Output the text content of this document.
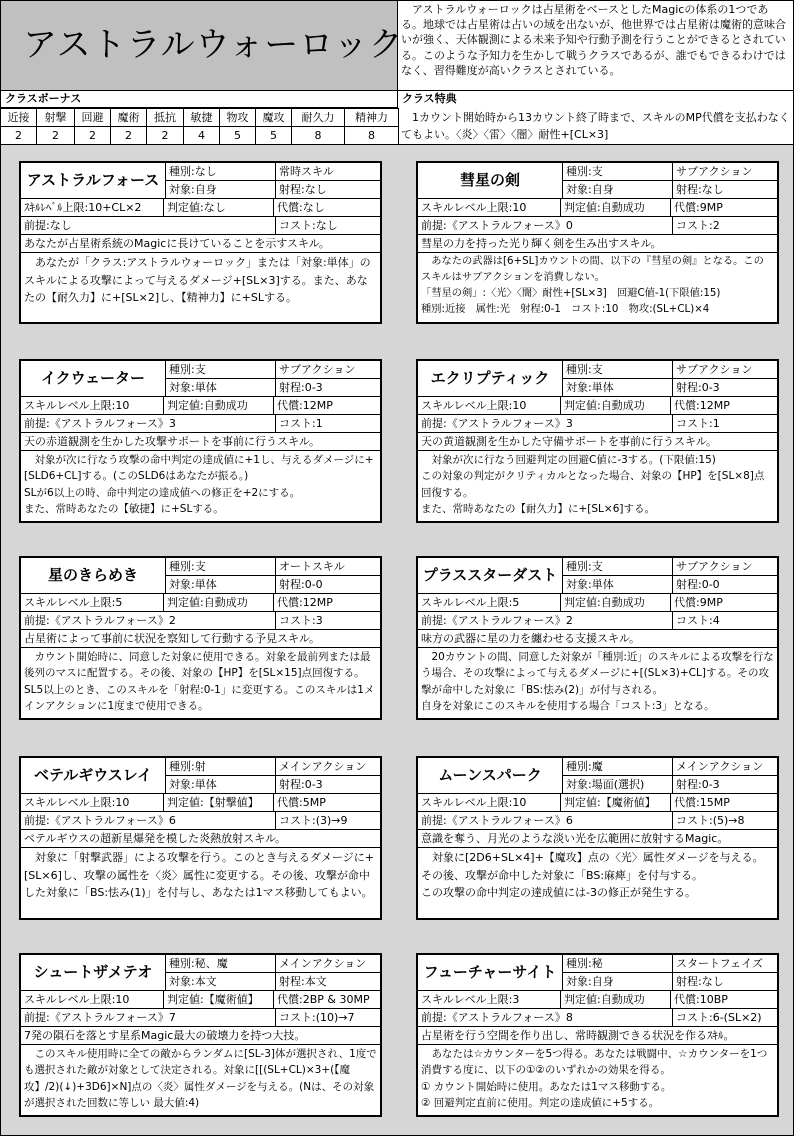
アストラルウォーロック
　アストラルウォーロックは占星術をベースとしたMagicの体系の1つである。地球では占星術は占いの域を出ないが、他世界では占星術は魔術的意味合いが強く、天体観測による未来予知や行動予測を行うことができるとされている。このような予知力を生かして戦うクラスであるが、誰でもできるわけではなく、習得難度が高いクラスとされている。
クラスボーナス
近接	射撃	回避	魔術	抵抗	敏捷	物攻	魔攻	耐久力	精神力
2	2	2	2	2	4	5	5	8	8
クラス特典
　1カウント開始時から13カウント終了時まで、スキルのMP代償を支払わなくてもよい。〈炎〉〈雷〉〈闇〉耐性+[CL×3]
アストラルフォース 種別:なし	常時スキル
対象:自身	射程:なし
ｽｷﾙﾚﾍﾞﾙ上限:10+CL×2	判定値:なし	代償:なし
前提:なし	コスト:なし
あなたが占星術系統のMagicに長けていることを示すスキル。
　あなたが「クラス:アストラルウォーロック」または「対象:単体」のスキルによる攻撃によって与えるダメージ+[SL×3]する。また、あなたの【耐久力】に+[SL×2]し、【精神力】に+SLする。
彗星の剣	種別:支	サブアクション
対象:自身	射程:なし
スキルレベル上限:10	判定値:自動成功	代償:9MP
前提:《アストラルフォース》0	コスト:2
彗星の力を持った光り輝く剣を生み出すスキル。
　あなたの武器は[6+SL]カウントの間、以下の『彗星の剣』となる。このスキルはサブアクションを消費しない。
「彗星の剣」:〈光〉〈闇〉耐性+[SL×3]　回避C値-1(下限値:15)
種別:近接　属性:光　射程:0-1　コスト:10　物攻:(SL+CL)×4
イクウェーター 種別:支	サブアクション
対象:単体	射程:0-3
スキルレベル上限:10	判定値:自動成功	代償:12MP
前提:《アストラルフォース》3	コスト:1
天の赤道観測を生かした攻撃サポートを事前に行うスキル。
　対象が次に行なう攻撃の命中判定の達成値に+1し、与えるダメージに+[SLD6+CL]する。(このSLD6はあなたが振る。)
SLが6以上の時、命中判定の達成値への修正を+2にする。
また、常時あなたの【敏捷】に+SLする。
エクリプティック 種別:支	サブアクション
対象:単体	射程:0-3
スキルレベル上限:10	判定値:自動成功	代償:12MP
前提:《アストラルフォース》3	コスト:1
天の黄道観測を生かした守備サポートを事前に行うスキル。
　対象が次に行なう回避判定の回避C値に-3する。(下限値:15)
この対象の判定がクリティカルとなった場合、対象の【HP】を[SL×8]点回復する。
また、常時あなたの【耐久力】に+[SL×6]する。
星のきらめき	種別:支	オートスキル
対象:単体	射程:0-0
スキルレベル上限:5	判定値:自動成功	代償:12MP
前提:《アストラルフォース》2	コスト:3
占星術によって事前に状況を察知して行動する予見スキル。
　カウント開始時に、同意した対象に使用できる。対象を最前列または最後列のマスに配置する。その後、対象の【HP】を[SL×15]点回復する。SL5以上のとき、このスキルを「射程:0-1」に変更する。このスキルは1メインアクションに1度まで使用できる。
プラススターダスト 種別:支	サブアクション
対象:単体	射程:0-0
スキルレベル上限:5	判定値:自動成功	代償:9MP
前提:《アストラルフォース》2	コスト:4
味方の武器に星の力を纏わせる支援スキル。
　20カウントの間、同意した対象が「種別:近」のスキルによる攻撃を行なう場合、その攻撃によって与えるダメージに+[(SL×3)+CL]する。その攻撃が命中した対象に「BS:怯み(2)」が付与される。
自身を対象にこのスキルを使用する場合「コスト:3」となる。
ベテルギウスレイ 種別:射	メインアクション
対象:単体	射程:0-3
スキルレベル上限:10	判定値:【射撃値】	代償:5MP
前提:《アストラルフォース》6	コスト:(3)→9
ベテルギウスの超新星爆発を模した炎熱放射スキル。
　対象に「射撃武器」による攻撃を行う。このとき与えるダメージに+[SL×6]し、攻撃の属性を〈炎〉属性に変更する。その後、攻撃が命中した対象に「BS:怯み(1)」を付与し、あなたは1マス移動してもよい。
ムーンスパーク 種別:魔	メインアクション
対象:場面(選択)	射程:0-3
スキルレベル上限:10	判定値:【魔術値】	代償:15MP
前提:《アストラルフォース》6	コスト:(5)→8
意識を奪う、月光のような淡い光を広範囲に放射するMagic。
　対象に[2D6+SL×4]+【魔攻】点の〈光〉属性ダメージを与える。その後、攻撃が命中した対象に「BS:麻痺」を付与する。
この攻撃の命中判定の達成値には-3の修正が発生する。
シュートザメテオ 種別:秘、魔	メインアクション
対象:本文	射程:本文
スキルレベル上限:10	判定値:【魔術値】	代償:2BP & 30MP
前提:《アストラルフォース》7	コスト:(10)→7
7発の隕石を落とす星系Magic最大の破壊力を持つ大技。
　このスキル使用時に全ての敵からランダムに[SL-3]体が選択され、1度でも選択された敵が対象として決定される。対象に[[(SL+CL)×3+(【魔攻】/2)(↓)+3D6]×N]点の〈炎〉属性ダメージを与える。(Nは、その対象が選択された回数に等しい 最大値:4)
フューチャーサイト 種別:秘	スタートフェイズ
対象:自身	射程:なし
スキルレベル上限:3	判定値:自動成功	代償:10BP
前提:《アストラルフォース》8	コスト:6-(SL×2)
占星術を行う空間を作り出し、常時観測できる状況を作るｽｷﾙ。
　あなたは☆カウンターを5つ得る。あなたは戦闘中、☆カウンターを1つ消費する度に、以下の①②のいずれかの効果を得る。
① カウント開始時に使用。あなたは1マス移動する。
② 回避判定直前に使用。判定の達成値に+5する。
